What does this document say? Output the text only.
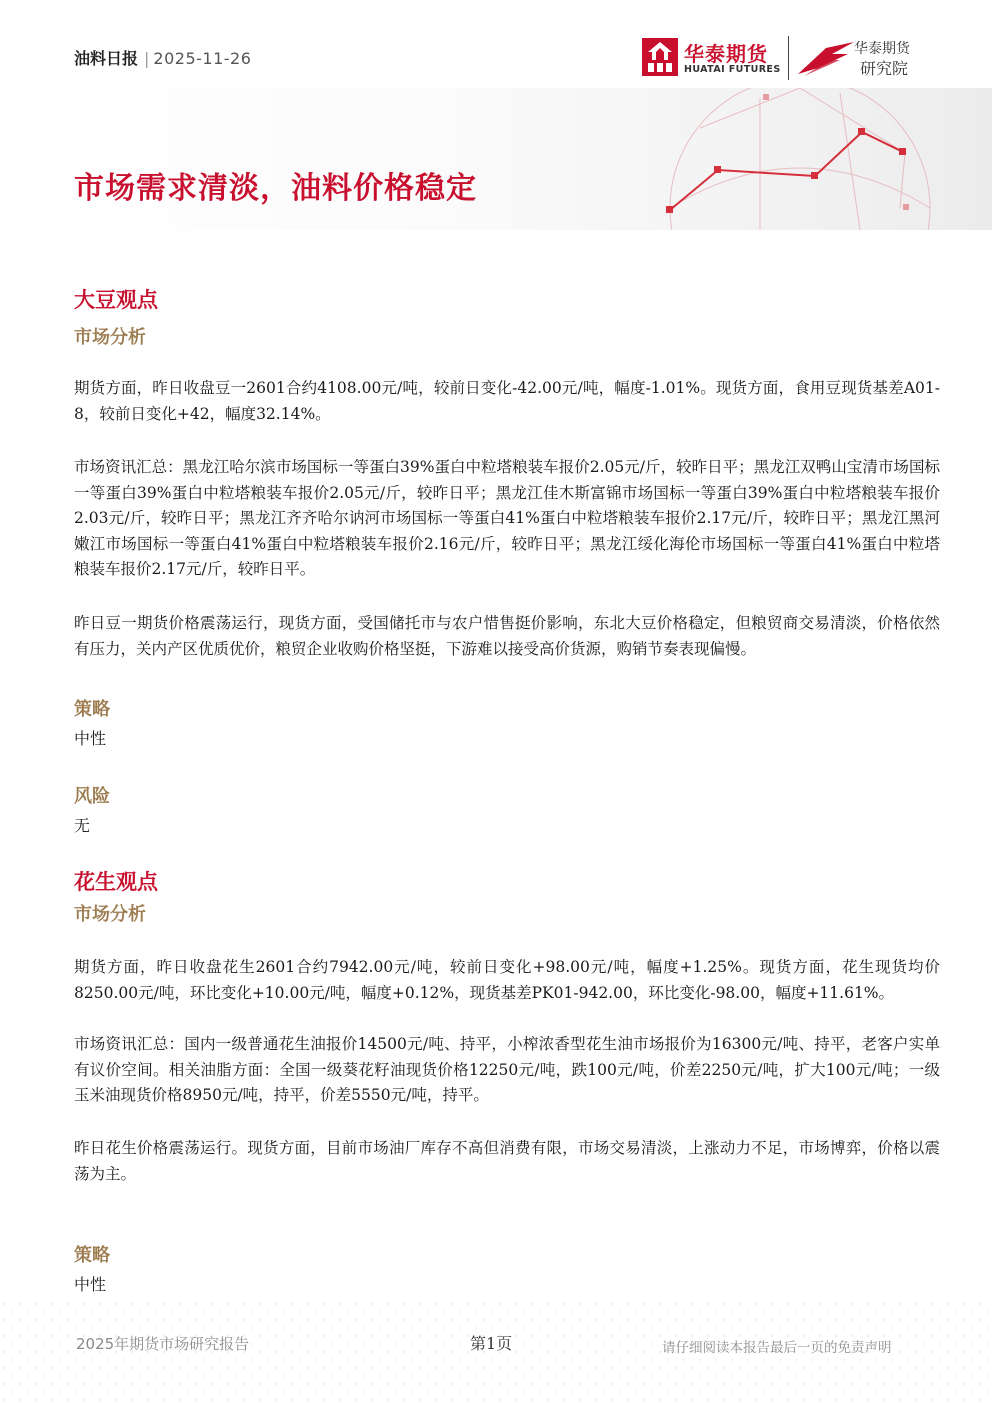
油料日报 | 2025-11-26	华泰期货
HUATAI FUTURES
华泰期货
研究院
市场需求清淡，油料价格稳定
大豆观点
市场分析

期货方面，昨日收盘豆一2601合约4108.00元/吨，较前日变化-42.00元/吨，幅度-1.01%。现货方面，食用豆现货基差A01-8，较前日变化+42，幅度32.14%。

市场资讯汇总：黑龙江哈尔滨市场国标一等蛋白39%蛋白中粒塔粮装车报价2.05元/斤，较昨日平；黑龙江双鸭山宝清市场国标一等蛋白39%蛋白中粒塔粮装车报价2.05元/斤，较昨日平；黑龙江佳木斯富锦市场国标一等蛋白39%蛋白中粒塔粮装车报价2.03元/斤，较昨日平；黑龙江齐齐哈尔讷河市场国标一等蛋白41%蛋白中粒塔粮装车报价2.17元/斤，较昨日平；黑龙江黑河嫩江市场国标一等蛋白41%蛋白中粒塔粮装车报价2.16元/斤，较昨日平；黑龙江绥化海伦市场国标一等蛋白41%蛋白中粒塔粮装车报价2.17元/斤，较昨日平。

昨日豆一期货价格震荡运行，现货方面，受国储托市与农户惜售挺价影响，东北大豆价格稳定，但粮贸商交易清淡，价格依然有压力，关内产区优质优价，粮贸企业收购价格坚挺，下游难以接受高价货源，购销节奏表现偏慢。

策略
中性
风险
无
花生观点
市场分析

期货方面，昨日收盘花生2601合约7942.00元/吨，较前日变化+98.00元/吨，幅度+1.25%。现货方面，花生现货均价8250.00元/吨，环比变化+10.00元/吨，幅度+0.12%，现货基差PK01-942.00，环比变化-98.00，幅度+11.61%。

市场资讯汇总：国内一级普通花生油报价14500元/吨、持平，小榨浓香型花生油市场报价为16300元/吨、持平，老客户实单有议价空间。相关油脂方面：全国一级葵花籽油现货价格12250元/吨，跌100元/吨，价差2250元/吨，扩大100元/吨；一级玉米油现货价格8950元/吨，持平，价差5550元/吨，持平。

昨日花生价格震荡运行。现货方面，目前市场油厂库存不高但消费有限，市场交易清淡，上涨动力不足，市场博弈，价格以震荡为主。

策略
中性
2025年期货市场研究报告	第1页	请仔细阅读本报告最后一页的免责声明
